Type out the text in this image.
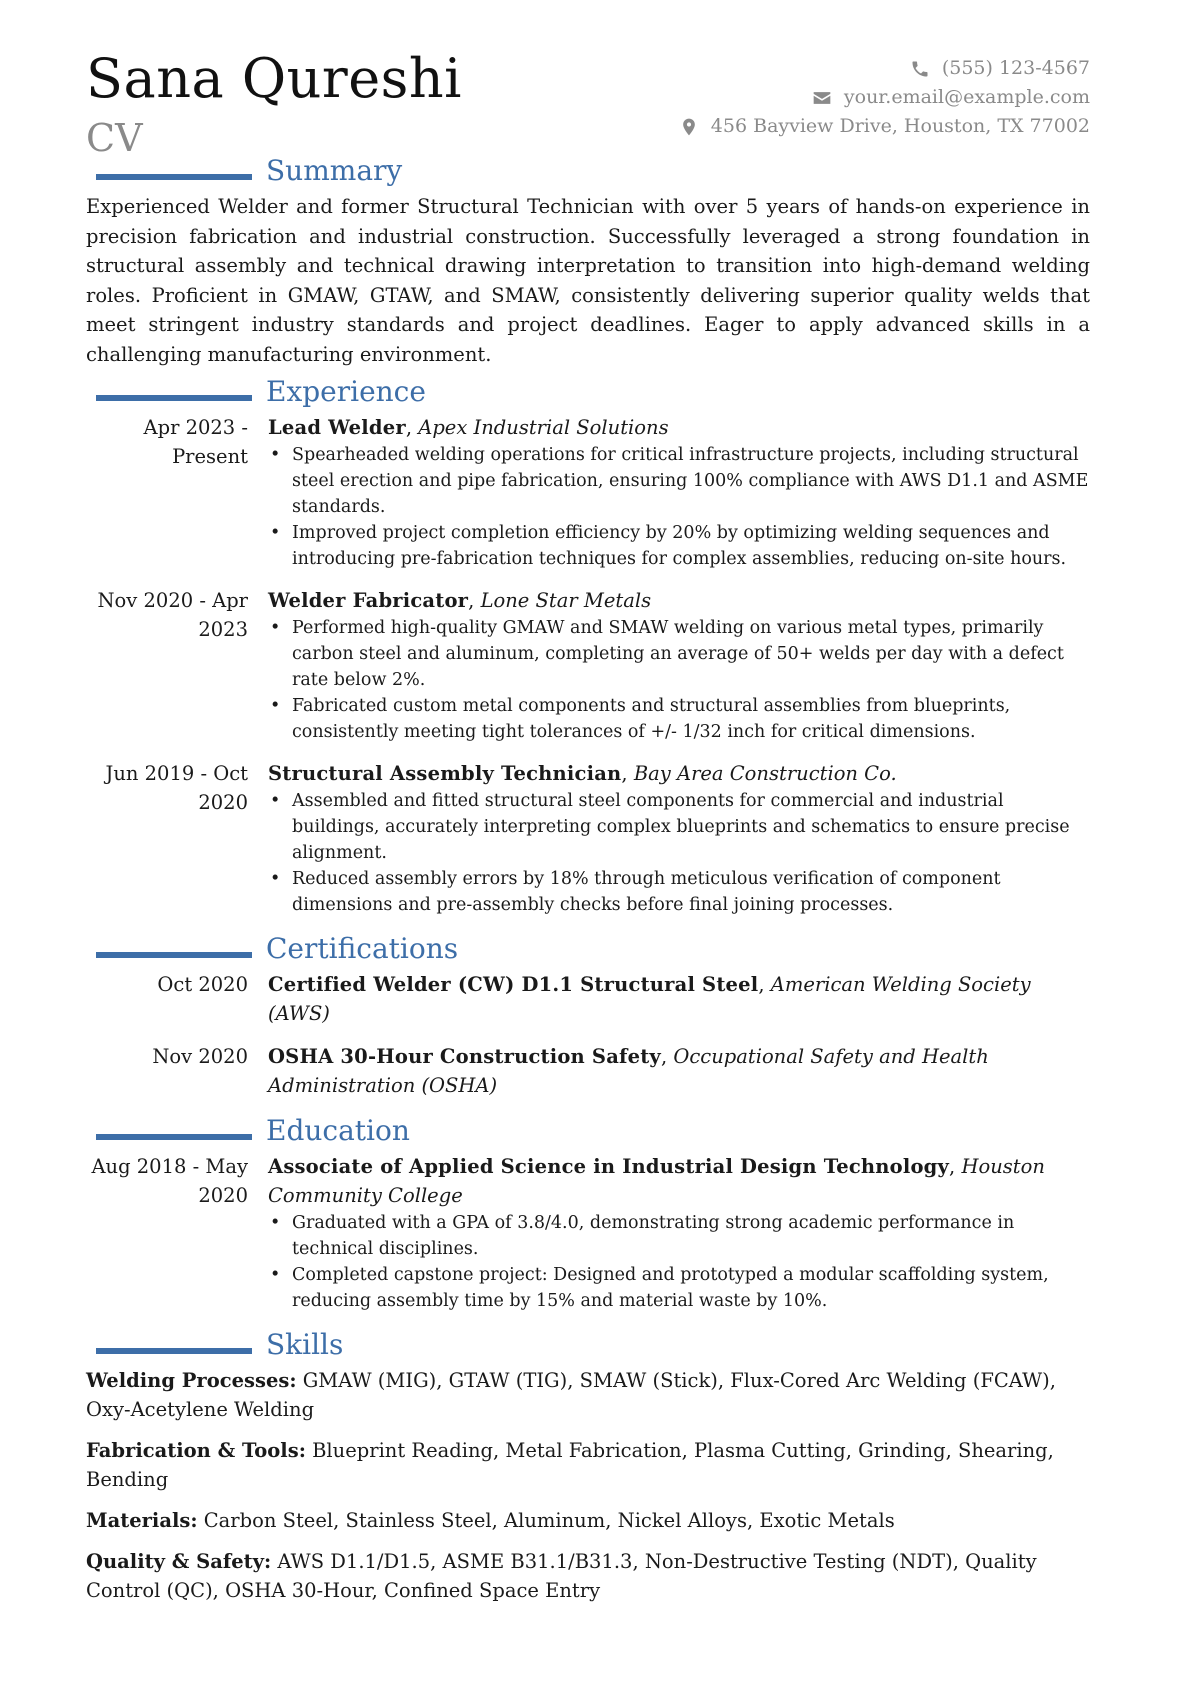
Sana Qureshi
CV
(555) 123-4567
your.email@example.com
456 Bayview Drive, Houston, TX 77002
Summary

Experienced Welder and former Structural Technician with over 5 years of hands-on experience in precision fabrication and industrial construction. Successfully leveraged a strong foundation in structural assembly and technical drawing interpretation to transition into high-demand welding roles. Proficient in GMAW, GTAW, and SMAW, consistently delivering superior quality welds that meet stringent industry standards and project deadlines. Eager to apply advanced skills in a challenging manufacturing environment.

Experience
Apr 2023 - Present
Lead Welder, Apex Industrial Solutions
• Spearheaded welding operations for critical infrastructure projects, including structural steel erection and pipe fabrication, ensuring 100% compliance with AWS D1.1 and ASME standards.
• Improved project completion efficiency by 20% by optimizing welding sequences and introducing pre-fabrication techniques for complex assemblies, reducing on-site hours.
Nov 2020 - Apr 2023
Welder Fabricator, Lone Star Metals
• Performed high-quality GMAW and SMAW welding on various metal types, primarily carbon steel and aluminum, completing an average of 50+ welds per day with a defect rate below 2%.
• Fabricated custom metal components and structural assemblies from blueprints, consistently meeting tight tolerances of +/- 1/32 inch for critical dimensions.
Jun 2019 - Oct 2020
Structural Assembly Technician, Bay Area Construction Co.
• Assembled and fitted structural steel components for commercial and industrial buildings, accurately interpreting complex blueprints and schematics to ensure precise alignment.
• Reduced assembly errors by 18% through meticulous verification of component dimensions and pre-assembly checks before final joining processes.
Certifications
Oct 2020 Certified Welder (CW) D1.1 Structural Steel, American Welding Society (AWS)
Nov 2020 OSHA 30-Hour Construction Safety, Occupational Safety and Health Administration (OSHA)
Education
Aug 2018 - May 2020
Associate of Applied Science in Industrial Design Technology, Houston Community College
• Graduated with a GPA of 3.8/4.0, demonstrating strong academic performance in technical disciplines.
• Completed capstone project: Designed and prototyped a modular scaffolding system, reducing assembly time by 15% and material waste by 10%.
Skills
Welding Processes: GMAW (MIG), GTAW (TIG), SMAW (Stick), Flux-Cored Arc Welding (FCAW), Oxy-Acetylene Welding
Fabrication & Tools: Blueprint Reading, Metal Fabrication, Plasma Cutting, Grinding, Shearing, Bending
Materials: Carbon Steel, Stainless Steel, Aluminum, Nickel Alloys, Exotic Metals
Quality & Safety: AWS D1.1/D1.5, ASME B31.1/B31.3, Non-Destructive Testing (NDT), Quality Control (QC), OSHA 30-Hour, Confined Space Entry
